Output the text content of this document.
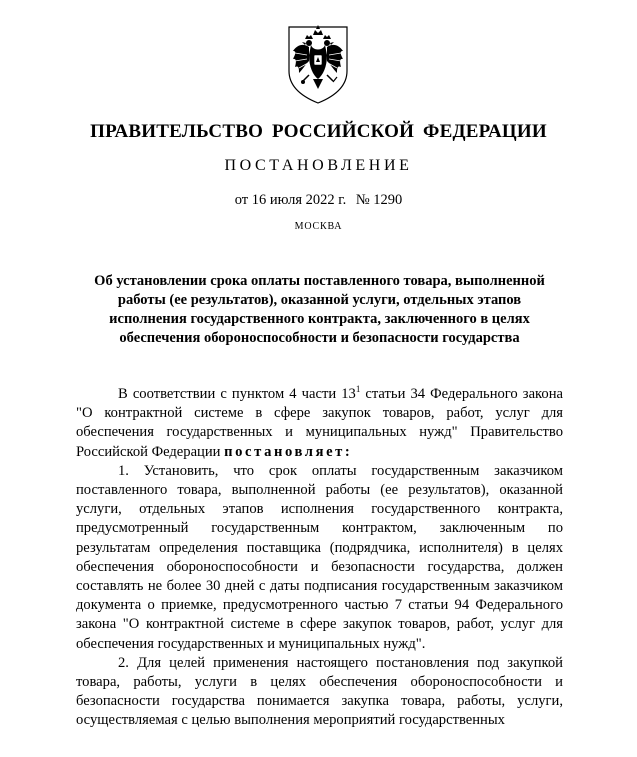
ПРАВИТЕЛЬСТВО РОССИЙСКОЙ ФЕДЕРАЦИИ
ПОСТАНОВЛЕНИЕ
от 16 июля 2022 г. № 1290
МОСКВА
Об установлении срока оплаты поставленного товара, выполненной работы (ее результатов), оказанной услуги, отдельных этапов исполнения государственного контракта, заключенного в целях обеспечения обороноспособности и безопасности государства

В соответствии с пунктом 4 части $13^1$ статьи 34 Федерального закона "О контрактной системе в сфере закупок товаров, работ, услуг для обеспечения государственных и муниципальных нужд" Правительство Российской Федерации постановляет:

1. Установить, что срок оплаты государственным заказчиком поставленного товара, выполненной работы (ее результатов), оказанной услуги, отдельных этапов исполнения государственного контракта, предусмотренный государственным контрактом, заключенным по результатам определения поставщика (подрядчика, исполнителя) в целях обеспечения обороноспособности и безопасности государства, должен составлять не более 30 дней с даты подписания государственным заказчиком документа о приемке, предусмотренного частью 7 статьи 94 Федерального закона "О контрактной системе в сфере закупок товаров, работ, услуг для обеспечения государственных и муниципальных нужд".

2. Для целей применения настоящего постановления под закупкой товара, работы, услуги в целях обеспечения обороноспособности и безопасности государства понимается закупка товара, работы, услуги, осуществляемая с целью выполнения мероприятий государственных
